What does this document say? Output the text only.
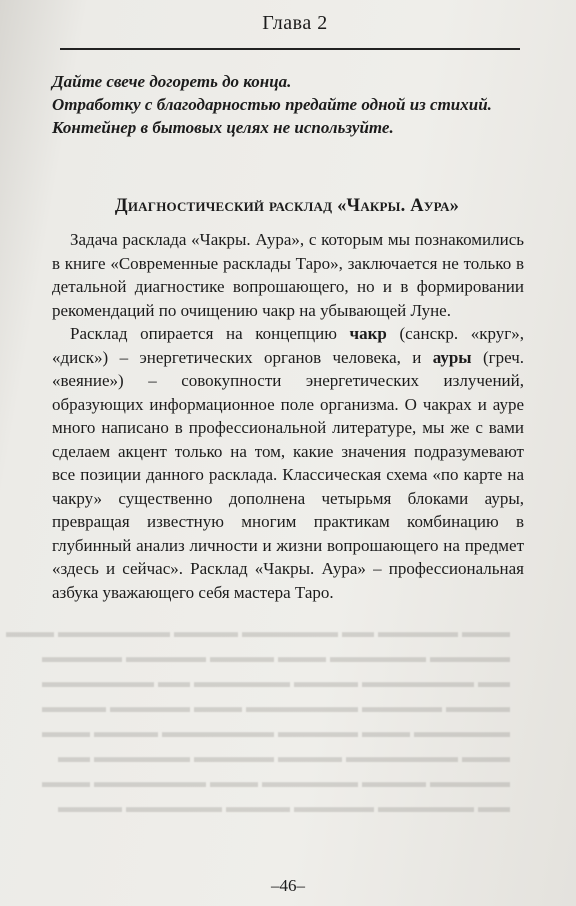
Глава 2

Дайте свече догореть до конца.

Отработку с благодарностью предайте одной из стихий.

Контейнер в бытовых целях не используйте.

Диагностический расклад «Чакры. Аура»

Задача расклада «Чакры. Аура», с которым мы познакомились в книге «Современные расклады Таро», заключается не только в детальной диагностике вопрошающего, но и в формировании рекомендаций по очищению чакр на убывающей Луне.

Расклад опирается на концепцию чакр (санскр. «круг», «диск») – энергетических органов человека, и ауры (греч. «веяние») – совокупности энергетических излучений, образующих информационное поле организма. О чакрах и ауре много написано в профессиональной литературе, мы же с вами сделаем акцент только на том, какие значения подразумевают все позиции данного расклада. Классическая схема «по карте на чакру» существенно дополнена четырьмя блоками ауры, превращая известную многим практикам комбинацию в глубинный анализ личности и жизни вопрошающего на предмет «здесь и сейчас». Расклад «Чакры. Аура» – профессиональная азбука уважающего себя мастера Таро.

▬▬▬ ▬▬▬▬▬ ▬▬ ▬▬▬▬▬▬ ▬▬▬▬ ▬▬▬▬▬▬▬ ▬▬▬
▬▬▬▬▬ ▬▬▬▬▬▬ ▬▬▬ ▬▬▬▬ ▬▬▬▬▬ ▬▬▬▬▬
▬▬ ▬▬▬▬▬▬▬ ▬▬▬▬ ▬▬▬▬▬▬ ▬▬ ▬▬▬▬▬▬▬
▬▬▬▬ ▬▬▬▬▬ ▬▬▬▬▬▬▬ ▬▬▬ ▬▬▬▬▬ ▬▬▬▬
▬▬▬▬▬▬ ▬▬▬ ▬▬▬▬▬ ▬▬▬▬▬▬▬ ▬▬▬▬ ▬▬▬
▬▬▬ ▬▬▬▬▬▬▬ ▬▬▬▬ ▬▬▬▬▬ ▬▬▬▬▬▬ ▬▬
▬▬▬▬▬ ▬▬▬▬ ▬▬▬▬▬▬ ▬▬▬ ▬▬▬▬▬▬▬ ▬▬▬
▬▬ ▬▬▬▬▬▬ ▬▬▬▬▬ ▬▬▬▬ ▬▬▬▬▬▬ ▬▬▬▬
–46–
